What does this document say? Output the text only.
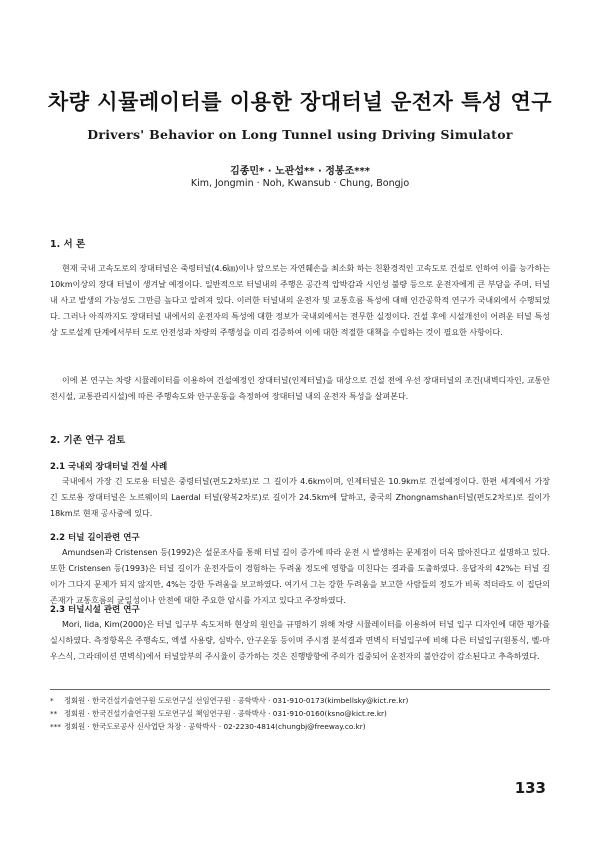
차량 시뮬레이터를 이용한 장대터널 운전자 특성 연구
Drivers' Behavior on Long Tunnel using Driving Simulator
김종민* · 노관섭** · 정봉조***
Kim, Jongmin · Noh, Kwansub · Chung, Bongjo
1. 서 론

현재 국내 고속도로의 장대터널은 죽령터널(4.6㎞)이나 앞으로는 자연훼손을 최소화 하는 친환경적인 고속도로 건설로 인하여 이를 능가하는 10km이상의 장대 터널이 생겨날 예정이다. 일반적으로 터널내의 주행은 공간적 압박감과 시인성 불량 등으로 운전자에게 큰 부담을 주며, 터널 내 사고 발생의 가능성도 그만큼 높다고 알려져 있다. 이러한 터널내의 운전자 및 교통흐름 특성에 대해 인간공학적 연구가 국내외에서 수행되었다. 그러나 아직까지도 장대터널 내에서의 운전자의 특성에 대한 정보가 국내외에서는 전무한 실정이다. 건설 후에 시설개선이 어려운 터널 특성상 도로설계 단계에서부터 도로 안전성과 차량의 주행성을 미리 검증하여 이에 대한 적절한 대책을 수립하는 것이 필요한 사항이다.

이에 본 연구는 차량 시뮬레이터를 이용하여 건설예정인 장대터널(인제터널)을 대상으로 건설 전에 우선 장대터널의 조건(내벽디자인, 교통안전시설, 교통관리시설)에 따른 주행속도와 안구운동을 측정하여 장대터널 내의 운전자 특성을 살펴본다.

2. 기존 연구 검토
2.1 국내외 장대터널 건설 사례

국내에서 가장 긴 도로용 터널은 중령터널(편도2차로)로 그 길이가 4.6km이며, 인제터널은 10.9km로 건설예정이다. 한편 세계에서 가장 긴 도로용 장대터널은 노르웨이의 Laerdal 터널(왕복2차로)로 길이가 24.5km에 달하고, 중국의 Zhongnamshan터널(편도2차로)로 길이가 18km로 현재 공사중에 있다.

2.2 터널 길이관련 연구

Amundsen과 Cristensen 등(1992)은 설문조사를 통해 터널 길이 증가에 따라 운전 시 발생하는 문제점이 더욱 많아진다고 설명하고 있다. 또한 Cristensen 등(1993)은 터널 길이가 운전자들이 경험하는 두려움 정도에 영향을 미친다는 결과를 도출하였다. 응답자의 42%는 터널 길이가 그다지 문제가 되지 않지만, 4%는 강한 두려움을 보고하였다. 여기서 그는 강한 두려움을 보고한 사람들의 정도가 비록 적더라도 이 집단의 존재가 교통흐름의 균일성이나 안전에 대한 주요한 암시를 가지고 있다고 주장하였다.

2.3 터널시설 관련 연구

Mori, Iida, Kim(2000)은 터널 입구부 속도저하 현상의 원인을 규명하기 위해 차량 시뮬레이터를 이용하여 터널 입구 디자인에 대한 평가를 실시하였다. 측정항목은 주행속도, 엑셀 사용량, 심박수, 안구운동 등이며 주시점 분석결과 면벽식 터널입구에 비해 다른 터널입구(원통식, 벨-마우스식, 그라데이션 면벽식)에서 터널앞부의 주시율이 증가하는 것은 진행방향에 주의가 집중되어 운전자의 불안감이 감소된다고 추측하였다.

* 정회원 · 한국건설기술연구원 도로연구실 선임연구원 · 공학박사 · 031-910-0173(kimbellsky@kict.re.kr)
** 정회원 · 한국건설기술연구원 도로연구실 책임연구원 · 공학박사 · 031-910-0160(ksno@kict.re.kr)
*** 정회원 · 한국도로공사 신사업단 차장 · 공학박사 · 02-2230-4814(chungbj@freeway.co.kr)
133
